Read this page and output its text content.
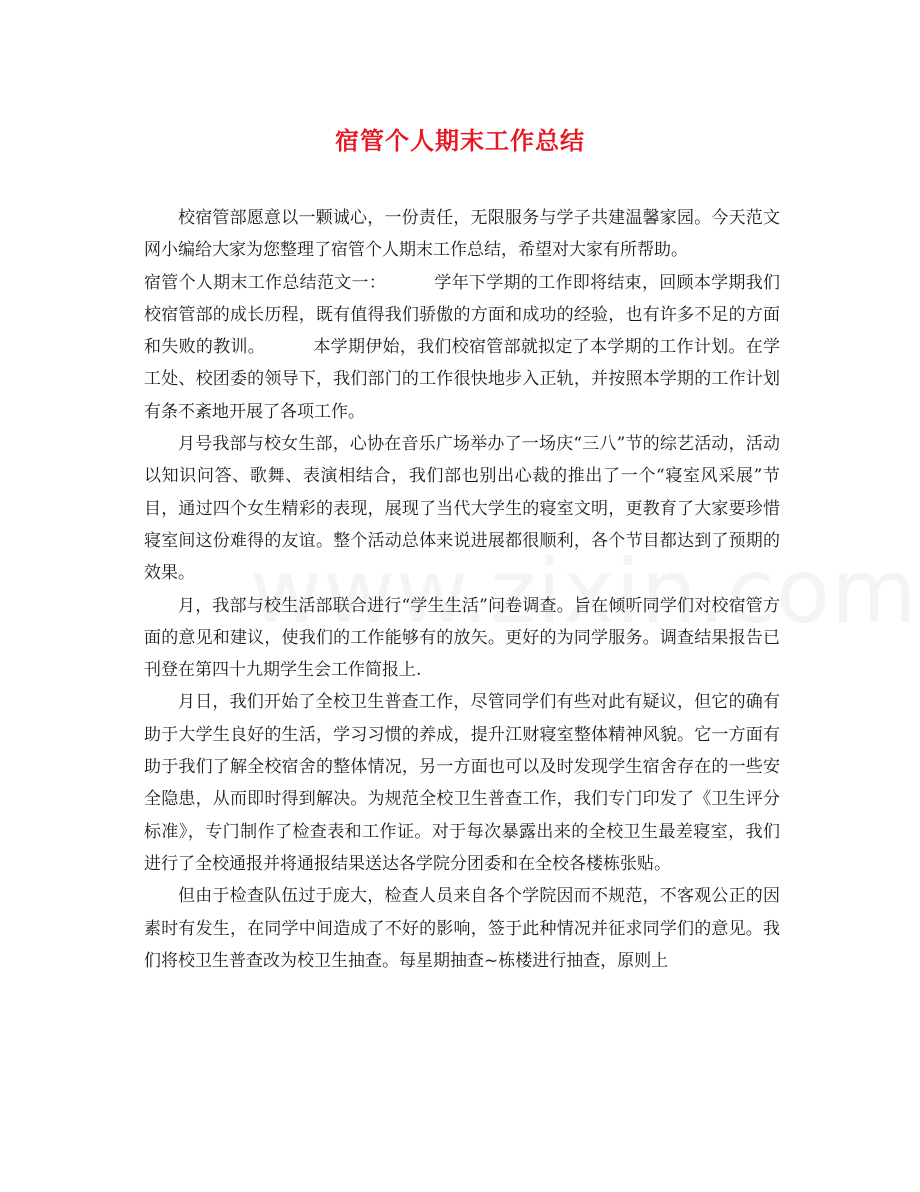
宿管个人期末工作总结

校宿管部愿意以一颗诚心，一份责任，无限服务与学子共建温馨家园。今天范文网小编给大家为您整理了宿管个人期末工作总结，希望对大家有所帮助。

宿管个人期末工作总结范文一：	学年下学期的工作即将结束，回顾本学期我们校宿管部的成长历程，既有值得我们骄傲的方面和成功的经验，也有许多不足的方面和失败的教训。	本学期伊始，我们校宿管部就拟定了本学期的工作计划。在学工处、校团委的领导下，我们部门的工作很快地步入正轨，并按照本学期的工作计划有条不紊地开展了各项工作。

月号我部与校女生部，心协在音乐广场举办了一场庆“三八”节的综艺活动，活动以知识问答、歌舞、表演相结合，我们部也别出心裁的推出了一个“寝室风采展”节目，通过四个女生精彩的表现，展现了当代大学生的寝室文明，更教育了大家要珍惜寝室间这份难得的友谊。整个活动总体来说进展都很顺利，各个节目都达到了预期的效果。

月，我部与校生活部联合进行“学生生活”问卷调查。旨在倾听同学们对校宿管方面的意见和建议，使我们的工作能够有的放矢。更好的为同学服务。调查结果报告已刊登在第四十九期学生会工作简报上.

月日，我们开始了全校卫生普查工作，尽管同学们有些对此有疑议，但它的确有助于大学生良好的生活，学习习惯的养成，提升江财寝室整体精神风貌。它一方面有助于我们了解全校宿舍的整体情况，另一方面也可以及时发现学生宿舍存在的一些安全隐患，从而即时得到解决。为规范全校卫生普查工作，我们专门印发了《卫生评分标准》，专门制作了检查表和工作证。对于每次暴露出来的全校卫生最差寝室，我们进行了全校通报并将通报结果送达各学院分团委和在全校各楼栋张贴。

但由于检查队伍过于庞大，检查人员来自各个学院因而不规范，不客观公正的因素时有发生，在同学中间造成了不好的影响，签于此种情况并征求同学们的意见。我们将校卫生普查改为校卫生抽查。每星期抽查~栋楼进行抽查，原则上
